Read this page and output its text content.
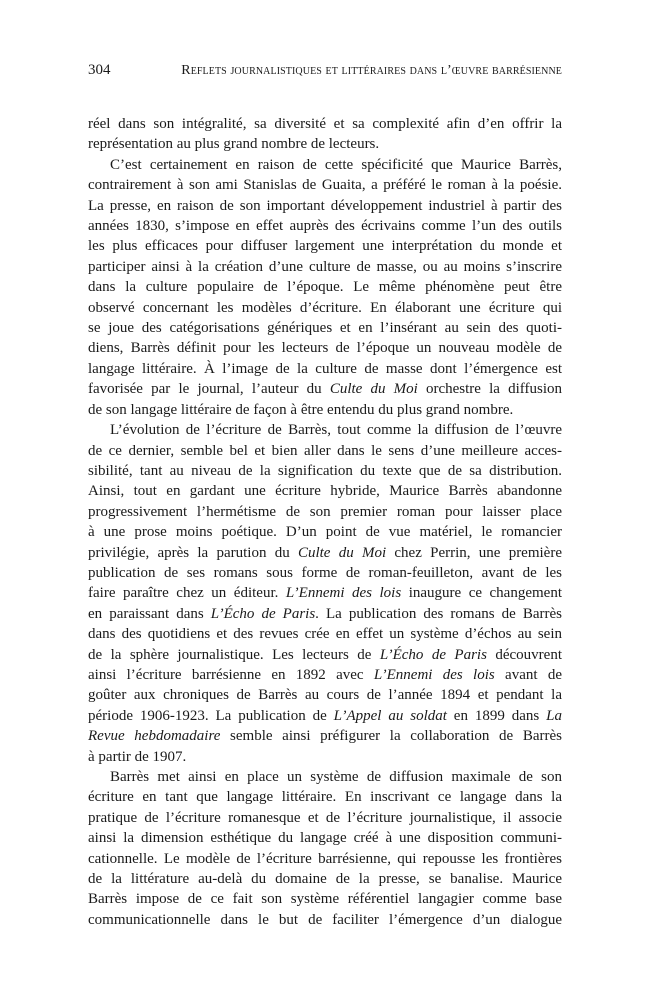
304	Reflets journalistiques et littéraires dans l’œuvre barrésienne
réel dans son intégralité, sa diversité et sa complexité afin d’en offrir la
représentation au plus grand nombre de lecteurs.
C’est certainement en raison de cette spécificité que Maurice Barrès,
contrairement à son ami Stanislas de Guaita, a préféré le roman à la poésie.
La presse, en raison de son important développement industriel à partir des
années 1830, s’impose en effet auprès des écrivains comme l’un des outils
les plus efficaces pour diffuser largement une interprétation du monde et
participer ainsi à la création d’une culture de masse, ou au moins s’inscrire
dans la culture populaire de l’époque. Le même phénomène peut être
observé concernant les modèles d’écriture. En élaborant une écriture qui
se joue des catégorisations génériques et en l’insérant au sein des quoti-
diens, Barrès définit pour les lecteurs de l’époque un nouveau modèle de
langage littéraire. À l’image de la culture de masse dont l’émergence est
favorisée par le journal, l’auteur du Culte du Moi orchestre la diffusion
de son langage littéraire de façon à être entendu du plus grand nombre.
L’évolution de l’écriture de Barrès, tout comme la diffusion de l’œuvre
de ce dernier, semble bel et bien aller dans le sens d’une meilleure acces-
sibilité, tant au niveau de la signification du texte que de sa distribution.
Ainsi, tout en gardant une écriture hybride, Maurice Barrès abandonne
progressivement l’hermétisme de son premier roman pour laisser place
à une prose moins poétique. D’un point de vue matériel, le romancier
privilégie, après la parution du Culte du Moi chez Perrin, une première
publication de ses romans sous forme de roman-feuilleton, avant de les
faire paraître chez un éditeur. L’Ennemi des lois inaugure ce changement
en paraissant dans L’Écho de Paris. La publication des romans de Barrès
dans des quotidiens et des revues crée en effet un système d’échos au sein
de la sphère journalistique. Les lecteurs de L’Écho de Paris découvrent
ainsi l’écriture barrésienne en 1892 avec L’Ennemi des lois avant de
goûter aux chroniques de Barrès au cours de l’année 1894 et pendant la
période 1906-1923. La publication de L’Appel au soldat en 1899 dans La
Revue hebdomadaire semble ainsi préfigurer la collaboration de Barrès
à partir de 1907.
Barrès met ainsi en place un système de diffusion maximale de son
écriture en tant que langage littéraire. En inscrivant ce langage dans la
pratique de l’écriture romanesque et de l’écriture journalistique, il associe
ainsi la dimension esthétique du langage créé à une disposition communi-
cationnelle. Le modèle de l’écriture barrésienne, qui repousse les frontières
de la littérature au-delà du domaine de la presse, se banalise. Maurice
Barrès impose de ce fait son système référentiel langagier comme base
communicationnelle dans le but de faciliter l’émergence d’un dialogue
